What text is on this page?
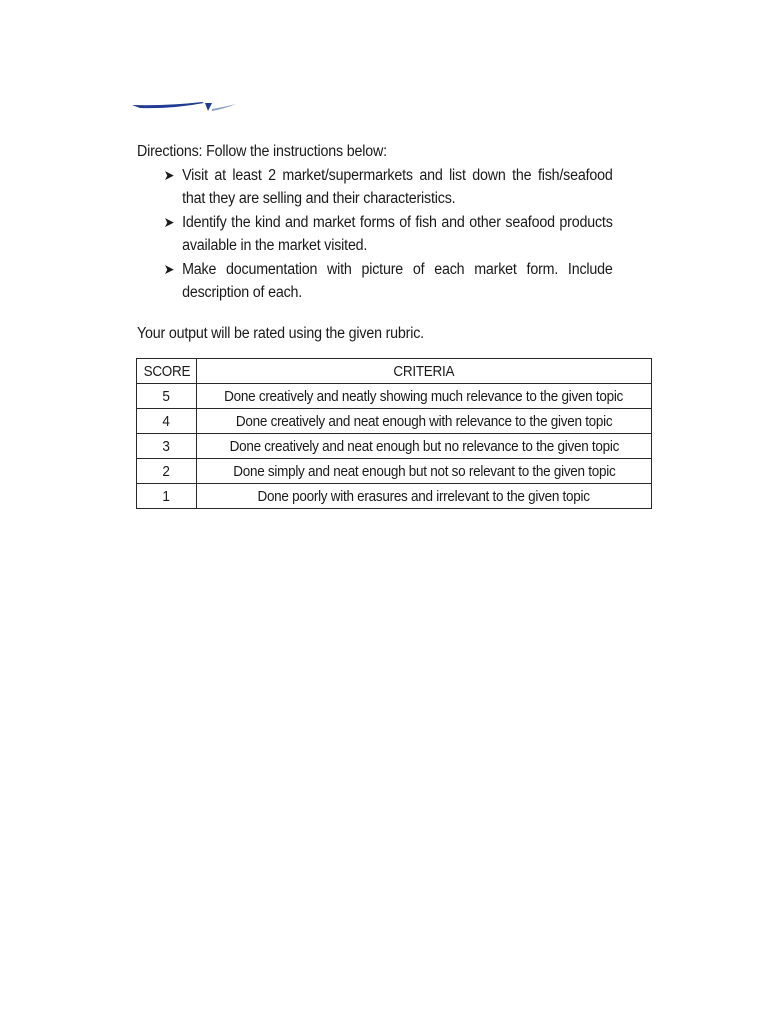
Directions: Follow the instructions below:

➤ Visit at least 2 market/supermarkets and list down the fish/seafood that they are selling and their characteristics.
➤ Identify the kind and market forms of fish and other seafood products available in the market visited.
➤ Make documentation with picture of each market form. Include description of each.
Your output will be rated using the given rubric.
SCORE	CRITERIA
5	Done creatively and neatly showing much relevance to the given topic
4	Done creatively and neat enough with relevance to the given topic
3	Done creatively and neat enough but no relevance to the given topic
2	Done simply and neat enough but not so relevant to the given topic
1	Done poorly with erasures and irrelevant to the given topic
